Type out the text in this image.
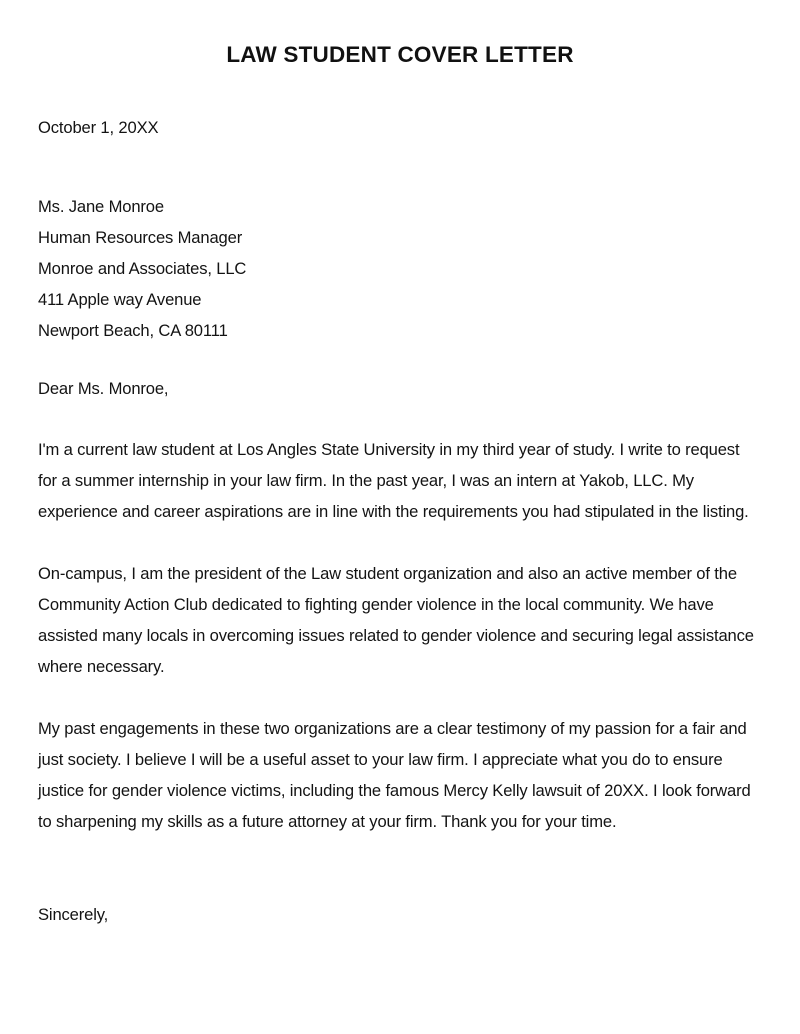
LAW STUDENT COVER LETTER
October 1, 20XX
Ms. Jane Monroe
Human Resources Manager
Monroe and Associates, LLC
411 Apple way Avenue
Newport Beach, CA 80111
Dear Ms. Monroe,

I'm a current law student at Los Angles State University in my third year of study. I write to request for a summer internship in your law firm. In the past year, I was an intern at Yakob, LLC. My experience and career aspirations are in line with the requirements you had stipulated in the listing.

On-campus, I am the president of the Law student organization and also an active member of the Community Action Club dedicated to fighting gender violence in the local community. We have assisted many locals in overcoming issues related to gender violence and securing legal assistance where necessary.

My past engagements in these two organizations are a clear testimony of my passion for a fair and just society. I believe I will be a useful asset to your law firm. I appreciate what you do to ensure justice for gender violence victims, including the famous Mercy Kelly lawsuit of 20XX. I look forward to sharpening my skills as a future attorney at your firm. Thank you for your time.

Sincerely,
